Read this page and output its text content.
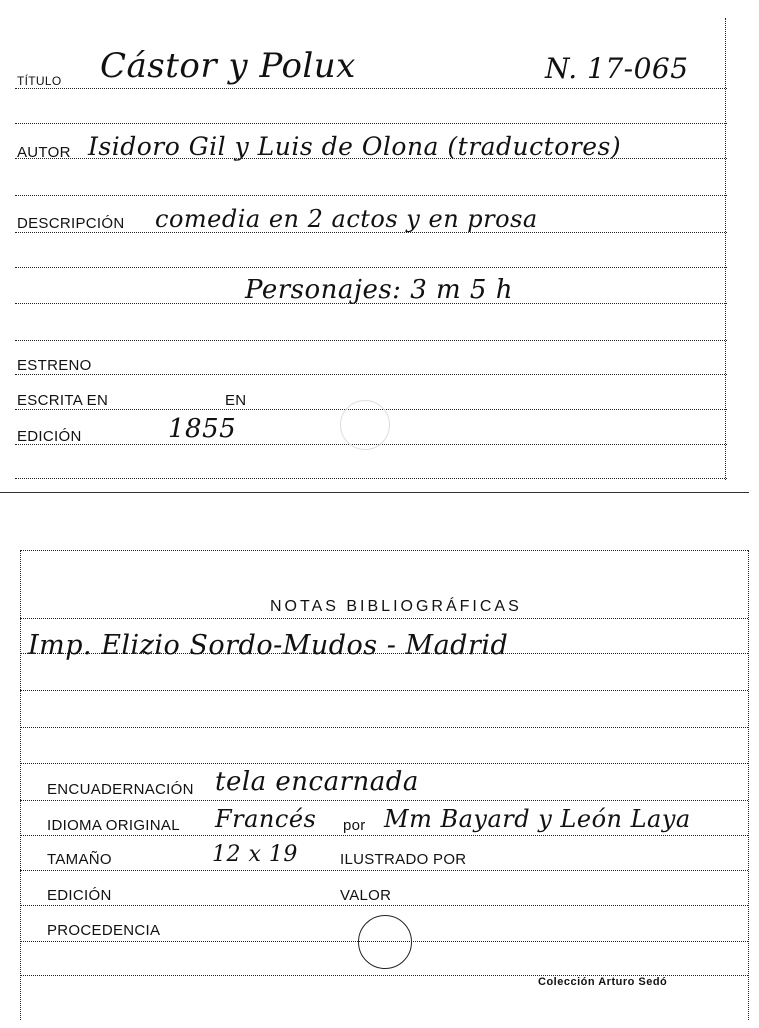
TÍTULO Cástor y Polux	N. 17-065
AUTOR Isidoro Gil y Luis de Olona (traductores)
DESCRIPCIÓN comedia en 2 actos y en prosa
Personajes: 3 m 5 h
ESTRENO
ESCRITA EN	EN
EDICIÓN	1855
NOTAS BIBLIOGRÁFICAS
Imp. Elizio Sordo-Mudos - Madrid
ENCUADERNACIÓN tela encarnada
IDIOMA ORIGINAL Francés por Mm Bayard y León Laya
TAMAÑO	12 x 19	ILUSTRADO POR
EDICIÓN	VALOR
PROCEDENCIA
Colección Arturo Sedó
